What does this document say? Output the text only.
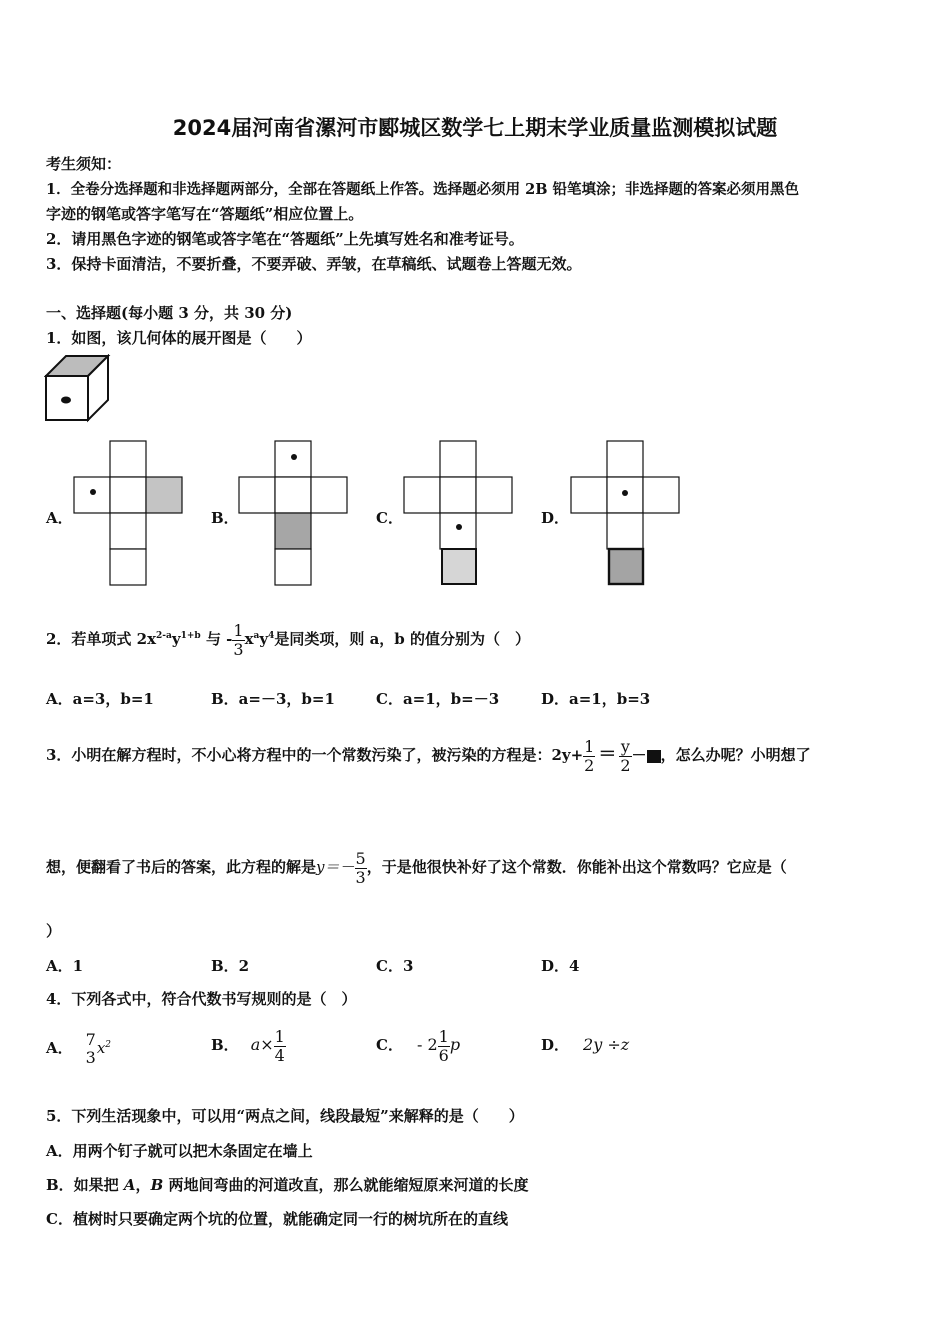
2024届河南省漯河市郾城区数学七上期末学业质量监测模拟试题
考生须知：
1．全卷分选择题和非选择题两部分，全部在答题纸上作答。选择题必须用 2B 铅笔填涂；非选择题的答案必须用黑色
字迹的钢笔或答字笔写在“答题纸”相应位置上。
2．请用黑色字迹的钢笔或答字笔在“答题纸”上先填写姓名和准考证号。
3．保持卡面清洁，不要折叠，不要弄破、弄皱，在草稿纸、试题卷上答题无效。
一、选择题(每小题 3 分，共 30 分)
1．如图，该几何体的展开图是（　　）
A．	B．	C．	D．
2．若单项式 $2x^{2-a}y^{1+b}$ 与 - $\frac{1}{3} x^ay^4$是同类项，则 a，b 的值分别为（　）
A．a=3，b=1	B．a=－3，b=1	C．a=1，b=－3	D．a=1，b=3
3．小明在解方程时，不小心将方程中的一个常数污染了，被污染的方程是：$2y+ \frac{1}{2} = \frac{y}{2}$ － ，怎么办呢？小明想了
想，便翻看了书后的答案，此方程的解是$y=- \frac{5}{3}$ ，于是他很快补好了这个常数．你能补出这个常数吗？它应是（
）
A．1	B．2	C．3	D．4
4．下列各式中，符合代数书写规则的是（　）
A． 7
3 $x^2$	B． $a\times \frac{1}{4}$	C． - $2 \frac{1}{6}$ p	D． 2y ÷z
5．下列生活现象中，可以用“两点之间，线段最短”来解释的是（　　）
A．用两个钉子就可以把木条固定在墙上
B．如果把 A，B 两地间弯曲的河道改直，那么就能缩短原来河道的长度
C．植树时只要确定两个坑的位置，就能确定同一行的树坑所在的直线
